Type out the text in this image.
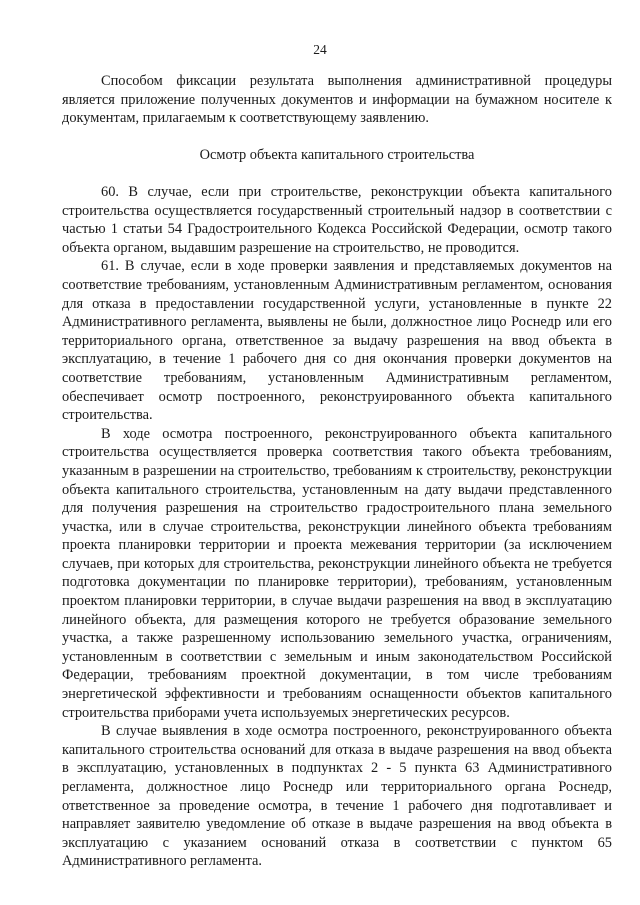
24

Способом фиксации результата выполнения административной процедуры является приложение полученных документов и информации на бумажном носителе к документам, прилагаемым к соответствующему заявлению.

Осмотр объекта капитального строительства

60. В случае, если при строительстве, реконструкции объекта капитального строительства осуществляется государственный строительный надзор в соответствии с частью 1 статьи 54 Градостроительного Кодекса Российской Федерации, осмотр такого объекта органом, выдавшим разрешение на строительство, не проводится.

61. В случае, если в ходе проверки заявления и представляемых документов на соответствие требованиям, установленным Административным регламентом, основания для отказа в предоставлении государственной услуги, установленные в пункте 22 Административного регламента, выявлены не были, должностное лицо Роснедр или его территориального органа, ответственное за выдачу разрешения на ввод объекта в эксплуатацию, в течение 1 рабочего дня со дня окончания проверки документов на соответствие требованиям, установленным Административным регламентом, обеспечивает осмотр построенного, реконструированного объекта капитального строительства.

В ходе осмотра построенного, реконструированного объекта капитального строительства осуществляется проверка соответствия такого объекта требованиям, указанным в разрешении на строительство, требованиям к строительству, реконструкции объекта капитального строительства, установленным на дату выдачи представленного для получения разрешения на строительство градостроительного плана земельного участка, или в случае строительства, реконструкции линейного объекта требованиям проекта планировки территории и проекта межевания территории (за исключением случаев, при которых для строительства, реконструкции линейного объекта не требуется подготовка документации по планировке территории), требованиям, установленным проектом планировки территории, в случае выдачи разрешения на ввод в эксплуатацию линейного объекта, для размещения которого не требуется образование земельного участка, а также разрешенному использованию земельного участка, ограничениям, установленным в соответствии с земельным и иным законодательством Российской Федерации, требованиям проектной документации, в том числе требованиям энергетической эффективности и требованиям оснащенности объектов капитального строительства приборами учета используемых энергетических ресурсов.

В случае выявления в ходе осмотра построенного, реконструированного объекта капитального строительства оснований для отказа в выдаче разрешения на ввод объекта в эксплуатацию, установленных в подпунктах 2 - 5 пункта 63 Административного регламента, должностное лицо Роснедр или территориального органа Роснедр, ответственное за проведение осмотра, в течение 1 рабочего дня подготавливает и направляет заявителю уведомление об отказе в выдаче разрешения на ввод объекта в эксплуатацию с указанием оснований отказа в соответствии с пунктом 65 Административного регламента.
